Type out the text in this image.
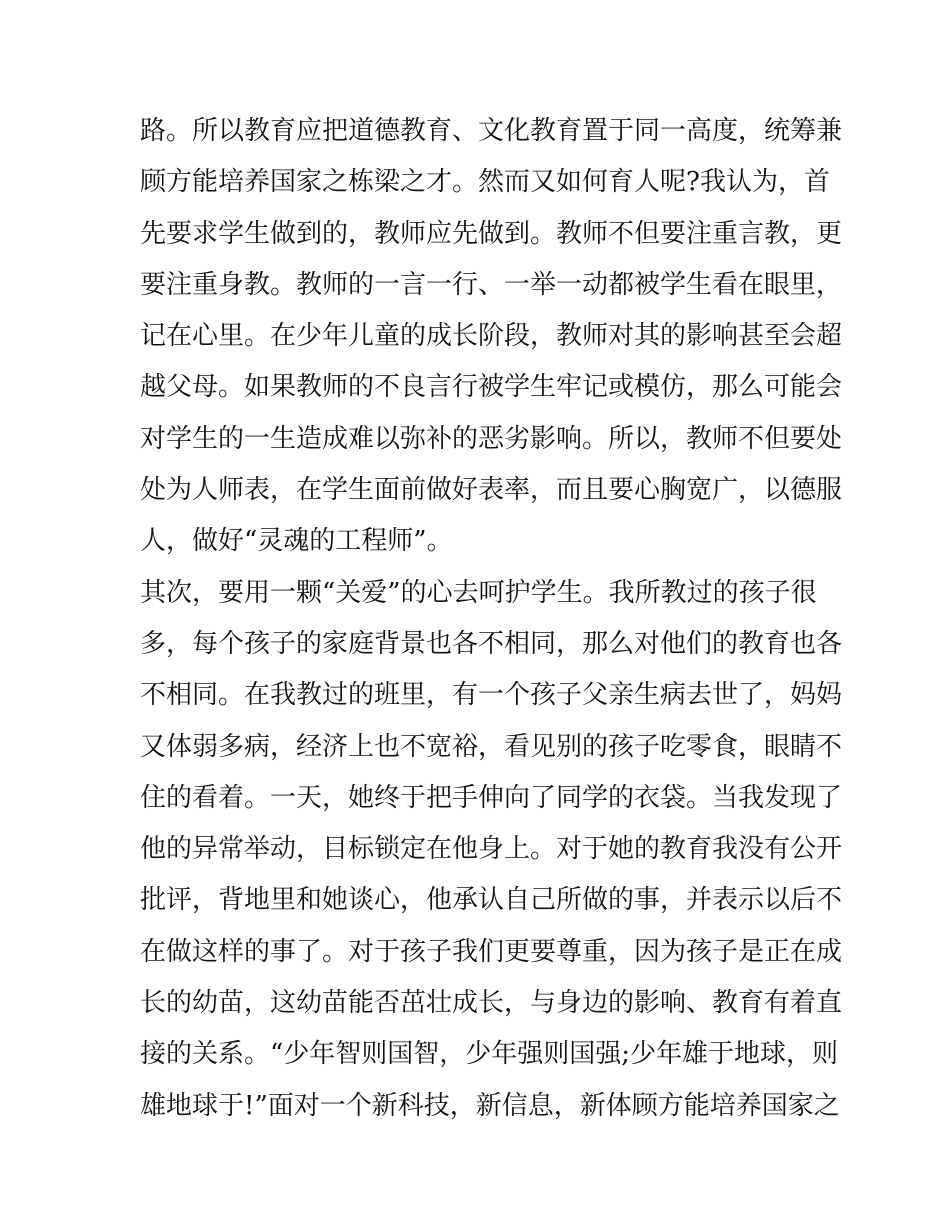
路。所以教育应把道德教育、文化教育置于同一高度，统筹兼

顾方能培养国家之栋梁之才。然而又如何育人呢?我认为，首

先要求学生做到的，教师应先做到。教师不但要注重言教，更

要注重身教。教师的一言一行、一举一动都被学生看在眼里，

记在心里。在少年儿童的成长阶段，教师对其的影响甚至会超

越父母。如果教师的不良言行被学生牢记或模仿，那么可能会

对学生的一生造成难以弥补的恶劣影响。所以，教师不但要处

处为人师表，在学生面前做好表率，而且要心胸宽广，以德服

人，做好“灵魂的工程师”。

其次，要用一颗“关爱”的心去呵护学生。我所教过的孩子很

多，每个孩子的家庭背景也各不相同，那么对他们的教育也各

不相同。在我教过的班里，有一个孩子父亲生病去世了，妈妈

又体弱多病，经济上也不宽裕，看见别的孩子吃零食，眼睛不

住的看着。一天，她终于把手伸向了同学的衣袋。当我发现了

他的异常举动，目标锁定在他身上。对于她的教育我没有公开

批评，背地里和她谈心，他承认自己所做的事，并表示以后不

在做这样的事了。对于孩子我们更要尊重，因为孩子是正在成

长的幼苗，这幼苗能否茁壮成长，与身边的影响、教育有着直

接的关系。“少年智则国智，少年强则国强;少年雄于地球，则

雄地球于!”面对一个新科技，新信息，新体顾方能培养国家之
